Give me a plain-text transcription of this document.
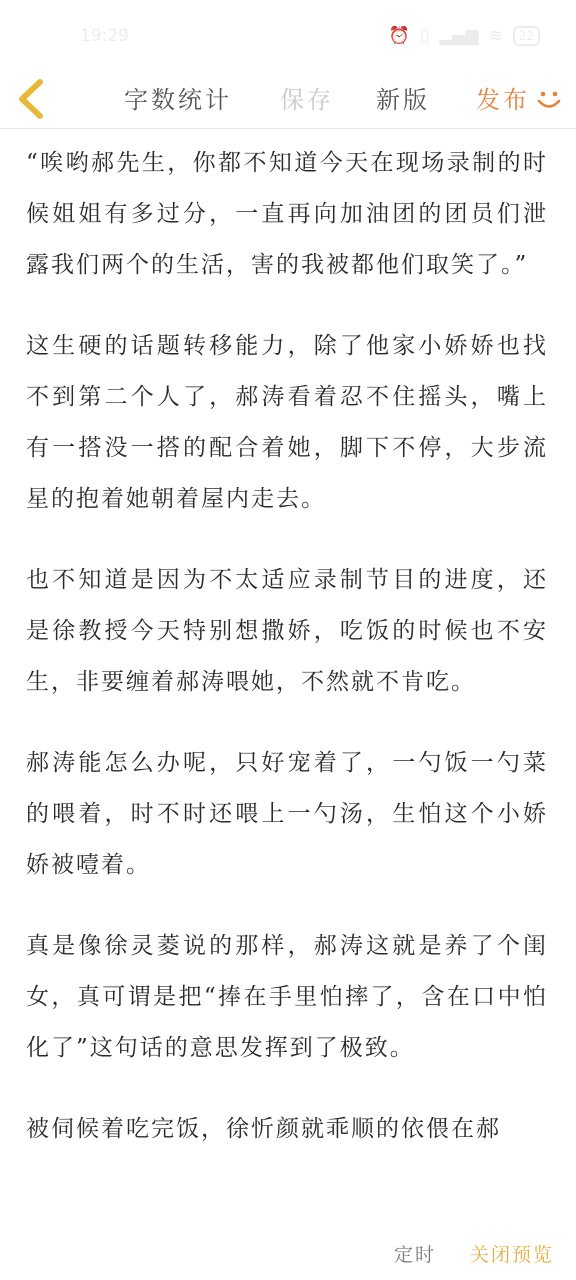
19:29	⏰ ▯ ▂▄▆ ≋	22
字数统计 保存 新版 发布

“唉哟郝先生，你都不知道今天在现场录制的时候姐姐有多过分，一直再向加油团的团员们泄露我们两个的生活，害的我被都他们取笑了。”

这生硬的话题转移能力，除了他家小娇娇也找不到第二个人了，郝涛看着忍不住摇头，嘴上有一搭没一搭的配合着她，脚下不停，大步流星的抱着她朝着屋内走去。

也不知道是因为不太适应录制节目的进度，还是徐教授今天特别想撒娇，吃饭的时候也不安生，非要缠着郝涛喂她，不然就不肯吃。

郝涛能怎么办呢，只好宠着了，一勺饭一勺菜的喂着，时不时还喂上一勺汤，生怕这个小娇娇被噎着。

真是像徐灵菱说的那样，郝涛这就是养了个闺女，真可谓是把“捧在手里怕摔了，含在口中怕化了”这句话的意思发挥到了极致。

被伺候着吃完饭，徐忻颜就乖顺的依偎在郝

定时 关闭预览
